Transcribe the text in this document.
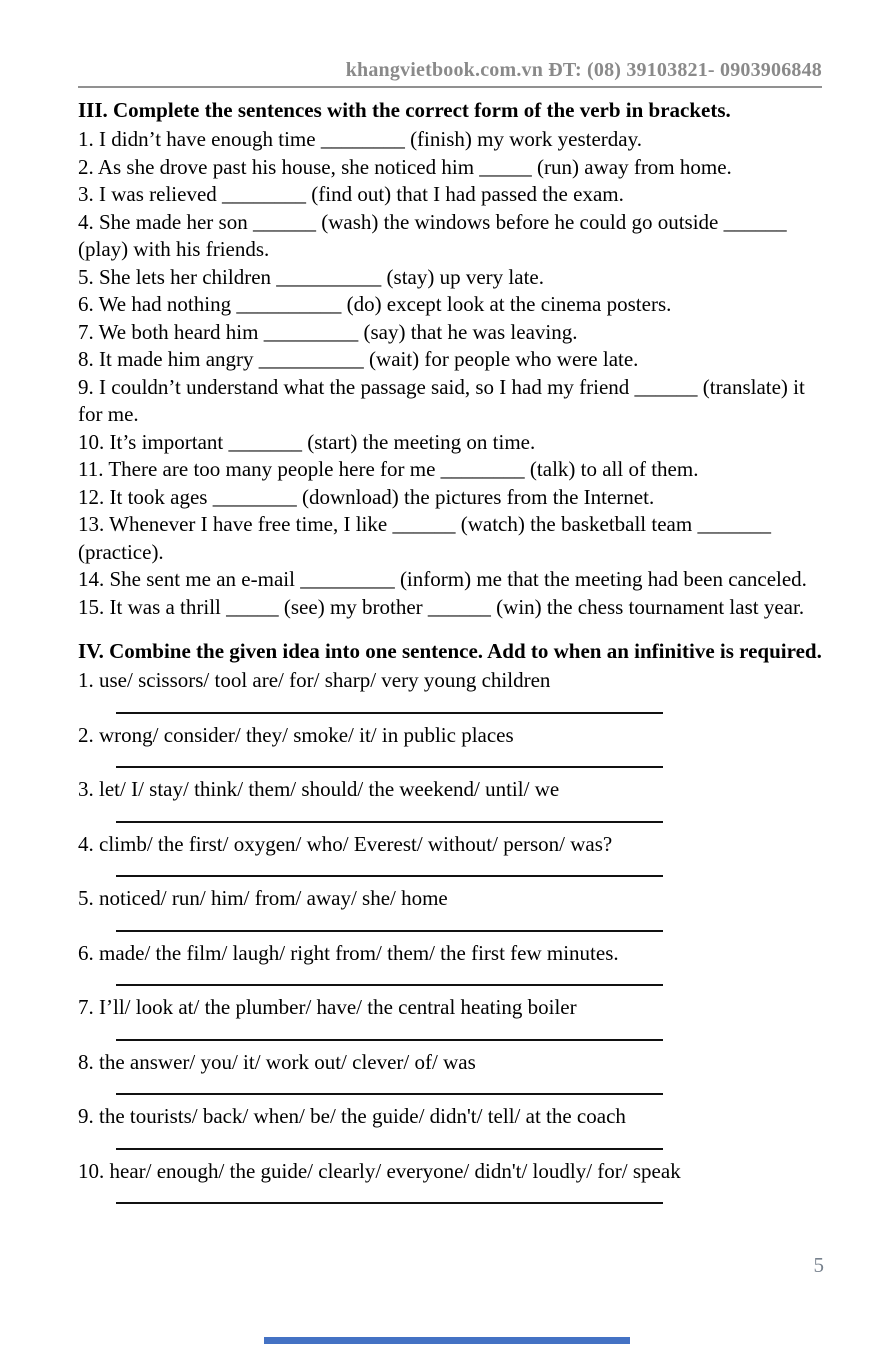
khangvietbook.com.vn ĐT: (08) 39103821- 0903906848

III. Complete the sentences with the correct form of the verb in brackets.

1. I didn’t have enough time ________ (finish) my work yesterday.

2. As she drove past his house, she noticed him _____ (run) away from home.

3. I was relieved ________ (find out) that I had passed the exam.

4. She made her son ______ (wash) the windows before he could go outside ______ (play) with his friends.

5. She lets her children __________ (stay) up very late.

6. We had nothing __________ (do) except look at the cinema posters.

7. We both heard him _________ (say) that he was leaving.

8. It made him angry __________ (wait) for people who were late.

9. I couldn’t understand what the passage said, so I had my friend ______ (translate) it for me.

10. It’s important _______ (start) the meeting on time.

11. There are too many people here for me ________ (talk) to all of them.

12. It took ages ________ (download) the pictures from the Internet.

13. Whenever I have free time, I like ______ (watch) the basketball team _______ (practice).

14. She sent me an e-mail _________ (inform) me that the meeting had been canceled.

15. It was a thrill _____ (see) my brother ______ (win) the chess tournament last year.

IV. Combine the given idea into one sentence. Add to when an infinitive is required.

1. use/ scissors/ tool are/ for/ sharp/ very young children

2. wrong/ consider/ they/ smoke/ it/ in public places

3. let/ I/ stay/ think/ them/ should/ the weekend/ until/ we

4. climb/ the first/ oxygen/ who/ Everest/ without/ person/ was?

5. noticed/ run/ him/ from/ away/ she/ home

6. made/ the film/ laugh/ right from/ them/ the first few minutes.

7. I’ll/ look at/ the plumber/ have/ the central heating boiler

8. the answer/ you/ it/ work out/ clever/ of/ was

9. the tourists/ back/ when/ be/ the guide/ didn't/ tell/ at the coach

10. hear/ enough/ the guide/ clearly/ everyone/ didn't/ loudly/ for/ speak

5
